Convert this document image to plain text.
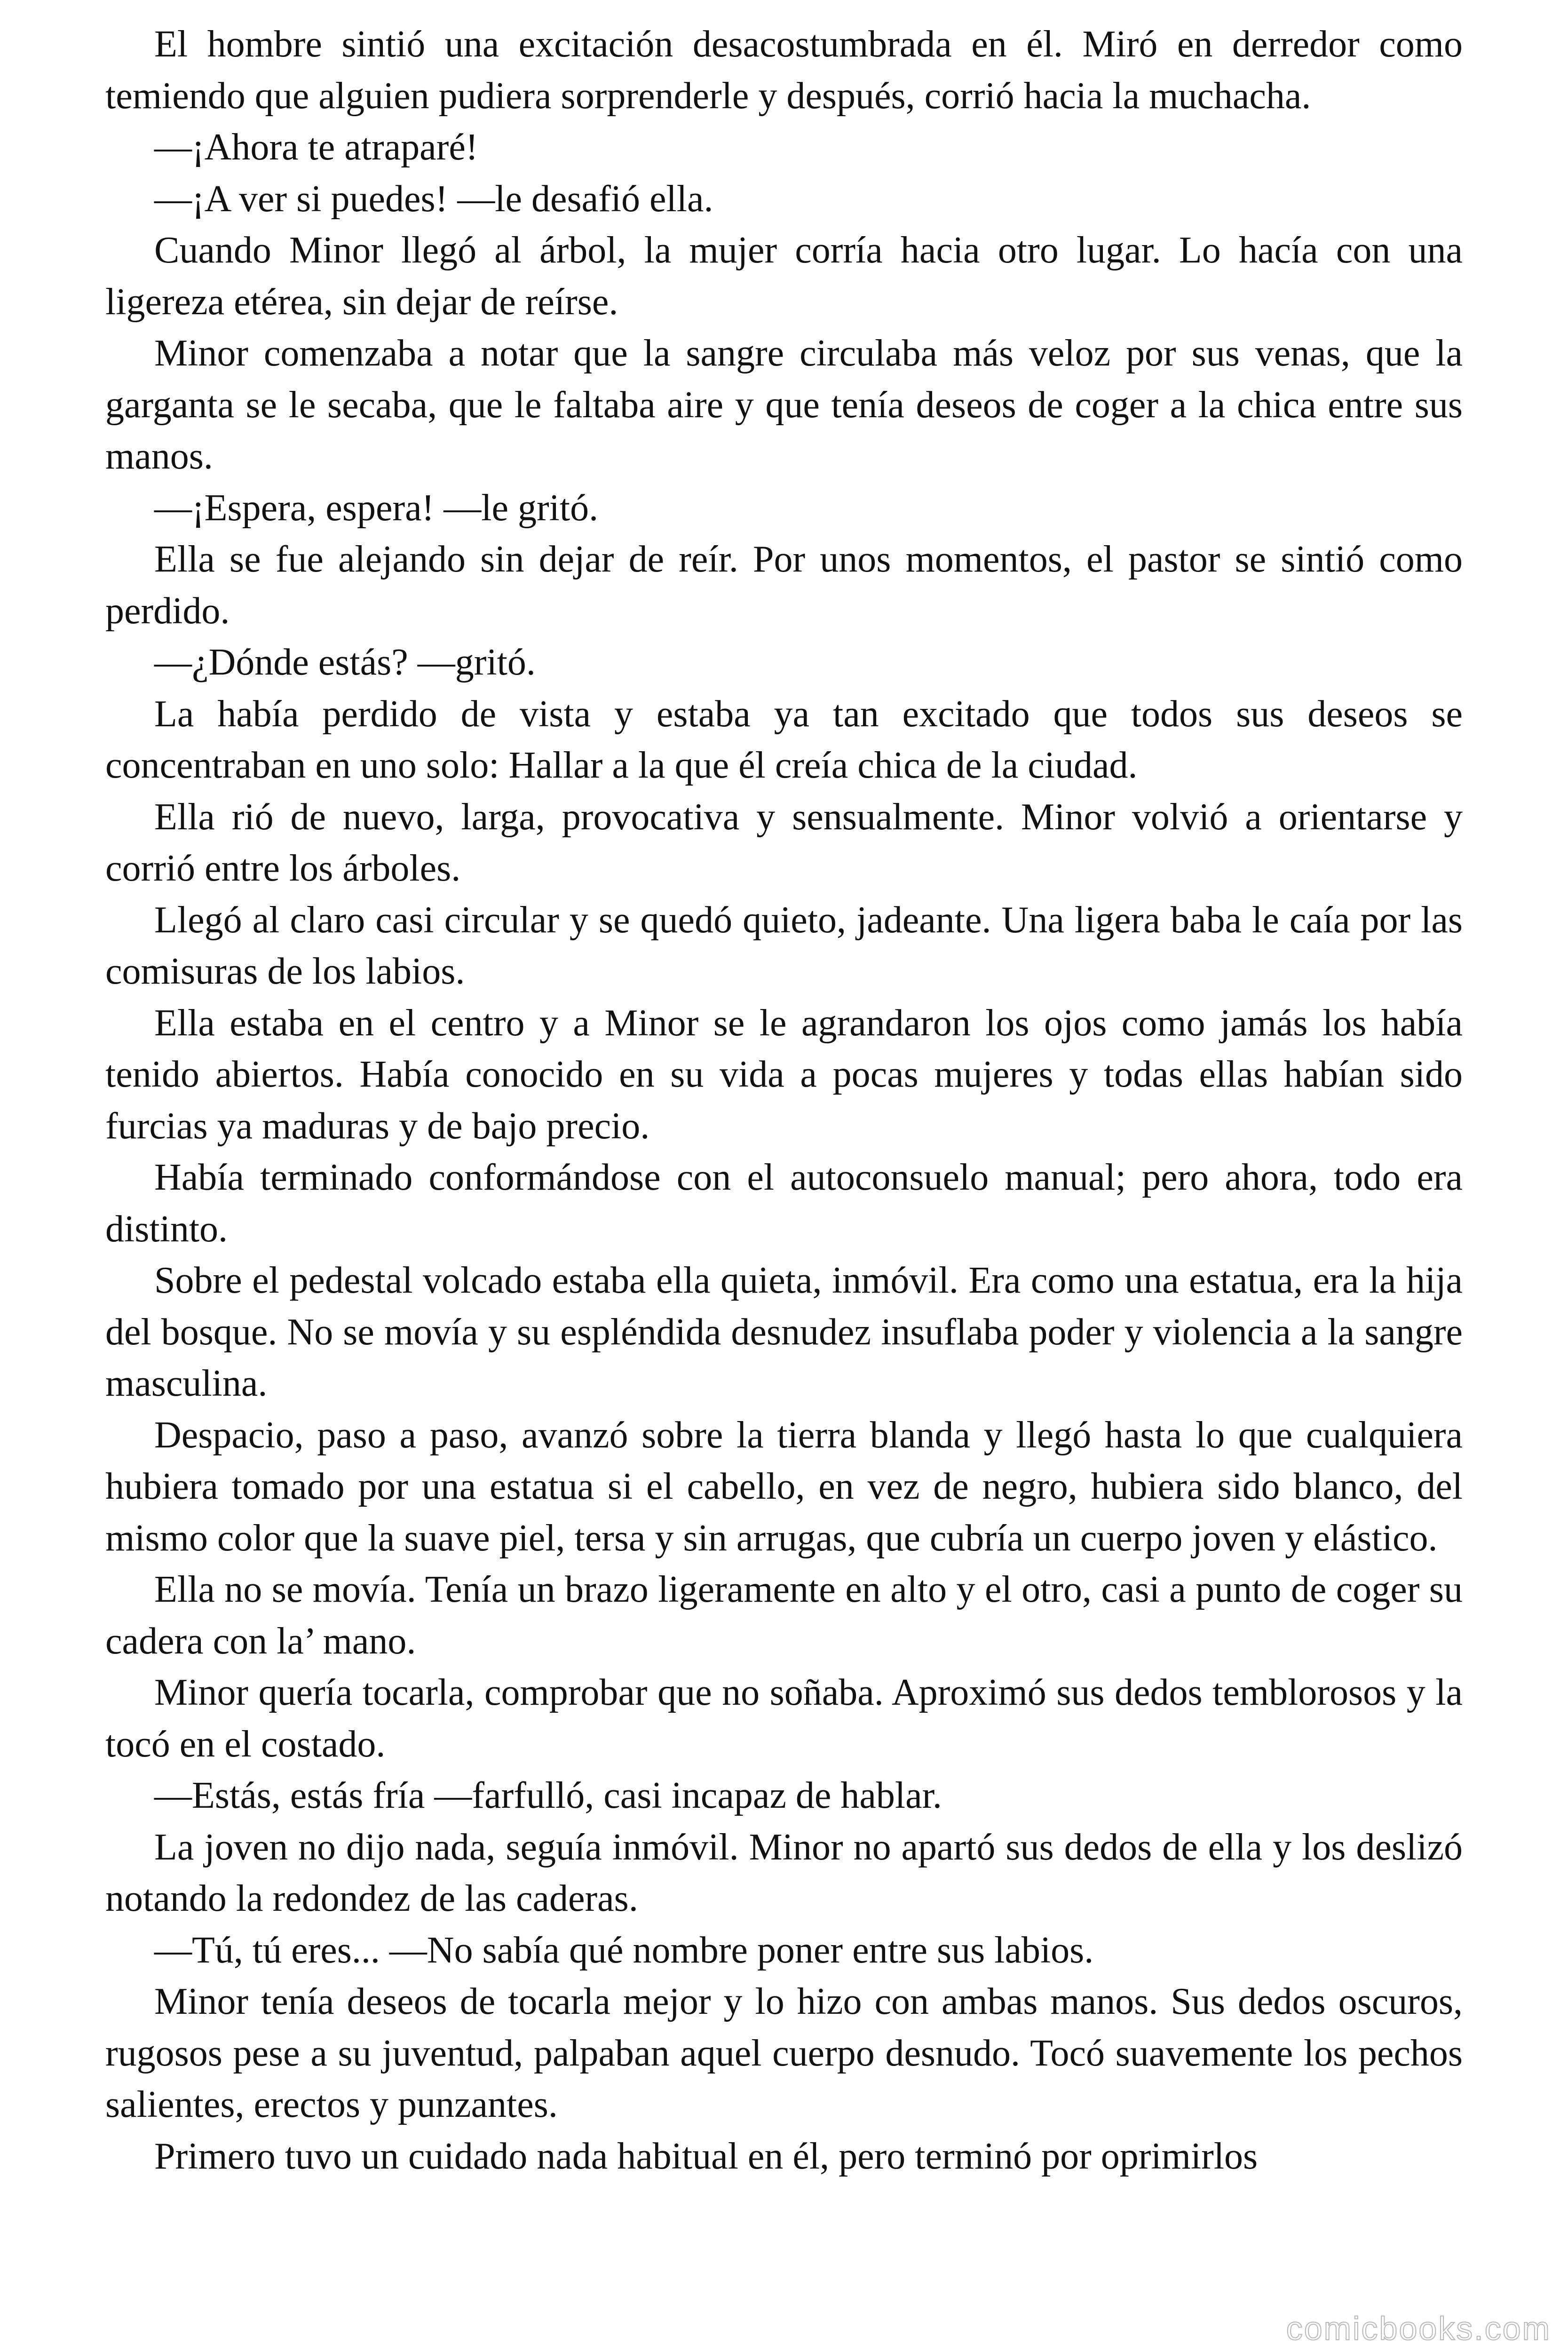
El hombre sintió una excitación desacostumbrada en él. Miró en derredor como temiendo que alguien pudiera sorprenderle y después, corrió hacia la muchacha.

—¡Ahora te atraparé!

—¡A ver si puedes! —le desafió ella.

Cuando Minor llegó al árbol, la mujer corría hacia otro lugar. Lo hacía con una ligereza etérea, sin dejar de reírse.

Minor comenzaba a notar que la sangre circulaba más veloz por sus venas, que la garganta se le secaba, que le faltaba aire y que tenía deseos de coger a la chica entre sus manos.

—¡Espera, espera! —le gritó.

Ella se fue alejando sin dejar de reír. Por unos momentos, el pastor se sintió como perdido.

—¿Dónde estás? —gritó.

La había perdido de vista y estaba ya tan excitado que todos sus deseos se concentraban en uno solo: Hallar a la que él creía chica de la ciudad.

Ella rió de nuevo, larga, provocativa y sensualmente. Minor volvió a orientarse y corrió entre los árboles.

Llegó al claro casi circular y se quedó quieto, jadeante. Una ligera baba le caía por las comisuras de los labios.

Ella estaba en el centro y a Minor se le agrandaron los ojos como jamás los había tenido abiertos. Había conocido en su vida a pocas mujeres y todas ellas habían sido furcias ya maduras y de bajo precio.

Había terminado conformándose con el autoconsuelo manual; pero ahora, todo era distinto.

Sobre el pedestal volcado estaba ella quieta, inmóvil. Era como una estatua, era la hija del bosque. No se movía y su espléndida desnudez insuflaba poder y violencia a la sangre masculina.

Despacio, paso a paso, avanzó sobre la tierra blanda y llegó hasta lo que cualquiera hubiera tomado por una estatua si el cabello, en vez de negro, hubiera sido blanco, del mismo color que la suave piel, tersa y sin arrugas, que cubría un cuerpo joven y elástico.

Ella no se movía. Tenía un brazo ligeramente en alto y el otro, casi a punto de coger su cadera con la’ mano.

Minor quería tocarla, comprobar que no soñaba. Aproximó sus dedos temblorosos y la tocó en el costado.

—Estás, estás fría —farfulló, casi incapaz de hablar.

La joven no dijo nada, seguía inmóvil. Minor no apartó sus dedos de ella y los deslizó notando la redondez de las caderas.

—Tú, tú eres... —No sabía qué nombre poner entre sus labios.

Minor tenía deseos de tocarla mejor y lo hizo con ambas manos. Sus dedos oscuros, rugosos pese a su juventud, palpaban aquel cuerpo desnudo. Tocó suavemente los pechos salientes, erectos y punzantes.

Primero tuvo un cuidado nada habitual en él, pero terminó por oprimirlos

comicbooks.com
